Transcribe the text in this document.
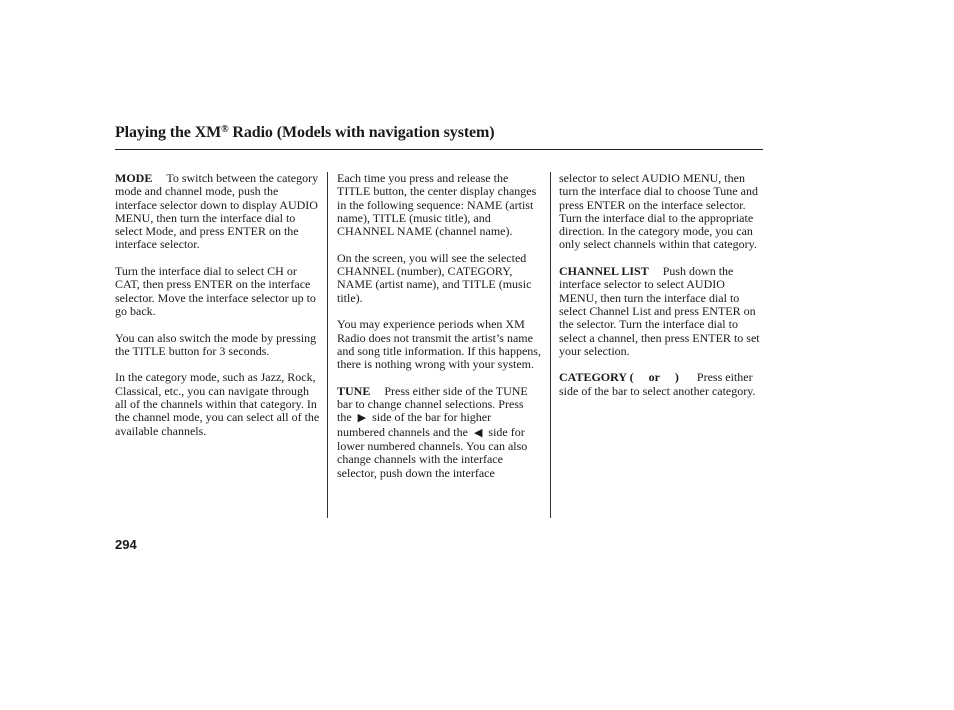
Playing the XM® Radio (Models with navigation system)

MODE To switch between the category mode and channel mode, push the interface selector down to display AUDIO MENU, then turn the interface dial to select Mode, and press ENTER on the interface selector.

Turn the interface dial to select CH or CAT, then press ENTER on the interface selector. Move the interface selector up to go back.

You can also switch the mode by pressing the TITLE button for 3 seconds.

In the category mode, such as Jazz, Rock, Classical, etc., you can navigate through all of the channels within that category. In the channel mode, you can select all of the available channels.

Each time you press and release the TITLE button, the center display changes in the following sequence: NAME (artist name), TITLE (music title), and CHANNEL NAME (channel name).

On the screen, you will see the selected CHANNEL (number), CATEGORY, NAME (artist name), and TITLE (music title).

You may experience periods when XM Radio does not transmit the artist’s name and song title information. If this happens, there is nothing wrong with your system.

TUNE Press either side of the TUNE bar to change channel selections. Press the ▶ side of the bar for higher numbered channels and the ◀ side for lower numbered channels. You can also change channels with the interface selector, push down the interface

selector to select AUDIO MENU, then turn the interface dial to choose Tune and press ENTER on the interface selector. Turn the interface dial to the appropriate direction. In the category mode, you can only select channels within that category.

CHANNEL LIST Push down the interface selector to select AUDIO MENU, then turn the interface dial to select Channel List and press ENTER on the selector. Turn the interface dial to select a channel, then press ENTER to set your selection.

CATEGORY ( or ) Press either side of the bar to select another category.

294
